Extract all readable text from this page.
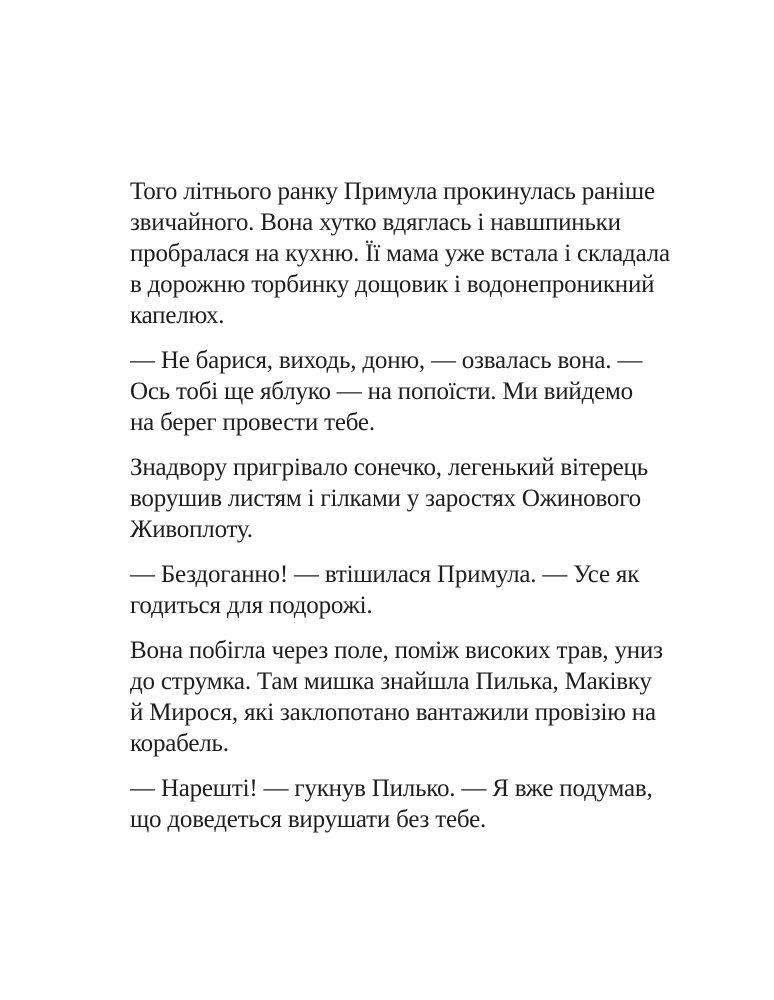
Того літнього ранку Примула прокинулась раніше
звичайного. Вона хутко вдяглась і навшпиньки
пробралася на кухню. Її мама уже встала і складала
в дорожню торбинку дощовик і водонепроникний
капелюх.

— Не барися, виходь, доню, — озвалась вона. —
Ось тобі ще яблуко — на попоїсти. Ми вийдемо
на берег провести тебе.

Знадвору пригрівало сонечко, легенький вітерець
ворушив листям і гілками у заростях Ожинового
Живоплоту.

— Бездоганно! — втішилася Примула. — Усе як
годиться для подорожі.

Вона побігла через поле, поміж високих трав, униз
до струмка. Там мишка знайшла Пилька, Маківку
й Мирося, які заклопотано вантажили провізію на
корабель.

— Нарешті! — гукнув Пилько. — Я вже подумав,
що доведеться вирушати без тебе.
